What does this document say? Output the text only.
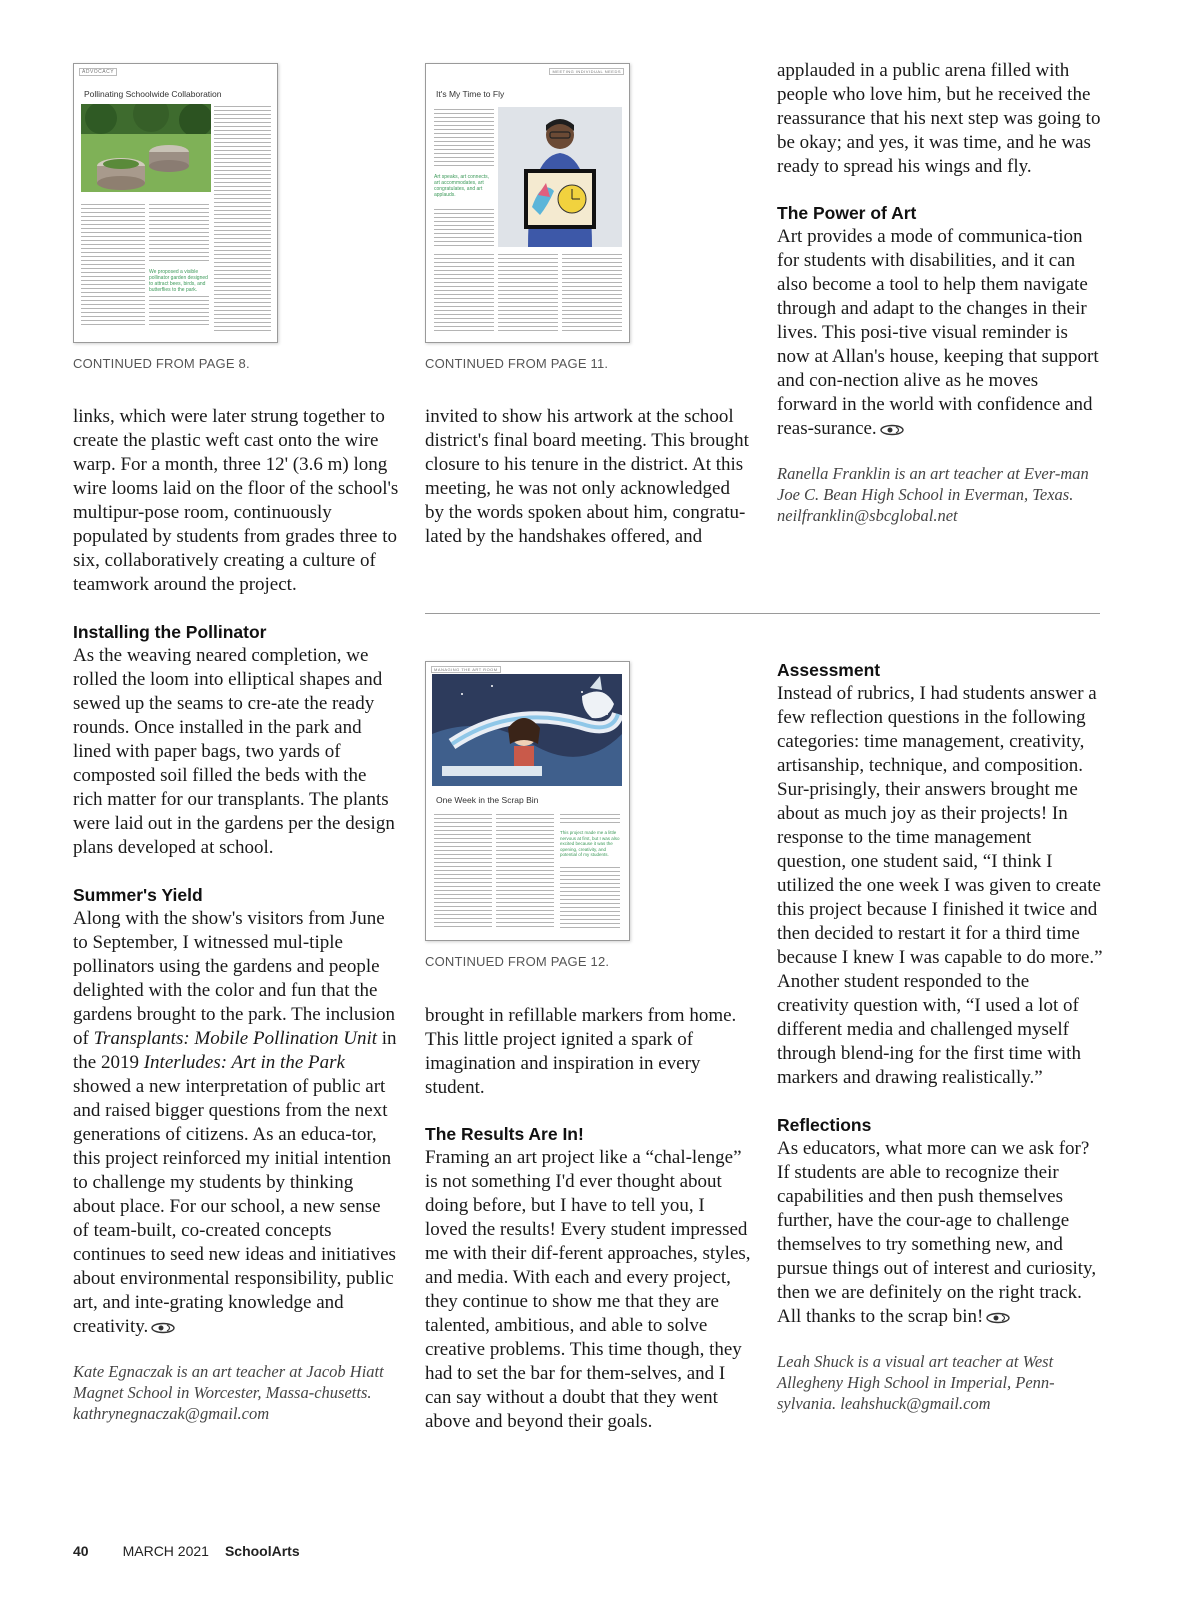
ADVOCACY
Pollinating Schoolwide Collaboration
We proposed a visible pollinator garden designed to attract bees, birds, and butterflies to the park.
CONTINUED FROM PAGE 8.
MEETING INDIVIDUAL NEEDS
It's My Time to Fly
Art speaks, art connects, art accommodates, art congratulates, and art applauds.
CONTINUED FROM PAGE 11.
MANAGING THE ART ROOM
One Week in the Scrap Bin
This project made me a little nervous at first, but I was also excited because it was the opening, creativity, and potential of my students.
CONTINUED FROM PAGE 12.

links, which were later strung together to create the plastic weft cast onto the wire warp. For a month, three 12' (3.6 m) long wire looms laid on the floor of the school's multipur-pose room, continuously populated by students from grades three to six, collaboratively creating a culture of teamwork around the project.

Installing the Pollinator

As the weaving neared completion, we rolled the loom into elliptical shapes and sewed up the seams to cre-ate the ready rounds. Once installed in the park and lined with paper bags, two yards of composted soil filled the beds with the rich matter for our transplants. The plants were laid out in the gardens per the design plans developed at school.

Summer's Yield

Along with the show's visitors from June to September, I witnessed mul-tiple pollinators using the gardens and people delighted with the color and fun that the gardens brought to the park. The inclusion of Transplants: Mobile Pollination Unit in the 2019 Interludes: Art in the Park showed a new interpretation of public art and raised bigger questions from the next generations of citizens. As an educa-tor, this project reinforced my initial intention to challenge my students by thinking about place. For our school, a new sense of team-built, co-created concepts continues to seed new ideas and initiatives about environmental responsibility, public art, and inte-grating knowledge and creativity.

Kate Egnaczak is an art teacher at Jacob Hiatt Magnet School in Worcester, Massa-chusetts. kathrynegnaczak@gmail.com

invited to show his artwork at the school district's final board meeting. This brought closure to his tenure in the district. At this meeting, he was not only acknowledged by the words spoken about him, congratu-lated by the handshakes offered, and

brought in refillable markers from home. This little project ignited a spark of imagination and inspiration in every student.

The Results Are In!

Framing an art project like a “chal-lenge” is not something I'd ever thought about doing before, but I have to tell you, I loved the results! Every student impressed me with their dif-ferent approaches, styles, and media. With each and every project, they continue to show me that they are talented, ambitious, and able to solve creative problems. This time though, they had to set the bar for them-selves, and I can say without a doubt that they went above and beyond their goals.

applauded in a public arena filled with people who love him, but he received the reassurance that his next step was going to be okay; and yes, it was time, and he was ready to spread his wings and fly.

The Power of Art

Art provides a mode of communica-tion for students with disabilities, and it can also become a tool to help them navigate through and adapt to the changes in their lives. This posi-tive visual reminder is now at Allan's house, keeping that support and con-nection alive as he moves forward in the world with confidence and reas-surance.

Ranella Franklin is an art teacher at Ever-man Joe C. Bean High School in Everman, Texas. neilfranklin@sbcglobal.net

Assessment

Instead of rubrics, I had students answer a few reflection questions in the following categories: time management, creativity, artisanship, technique, and composition. Sur-prisingly, their answers brought me about as much joy as their projects! In response to the time management question, one student said, “I think I utilized the one week I was given to create this project because I finished it twice and then decided to restart it for a third time because I knew I was capable to do more.” Another student responded to the creativity question with, “I used a lot of different media and challenged myself through blend-ing for the first time with markers and drawing realistically.”

Reflections

As educators, what more can we ask for? If students are able to recognize their capabilities and then push themselves further, have the cour-age to challenge themselves to try something new, and pursue things out of interest and curiosity, then we are definitely on the right track. All thanks to the scrap bin!

Leah Shuck is a visual art teacher at West Allegheny High School in Imperial, Penn-sylvania. leahshuck@gmail.com

40 MARCH 2021 SchoolArts
